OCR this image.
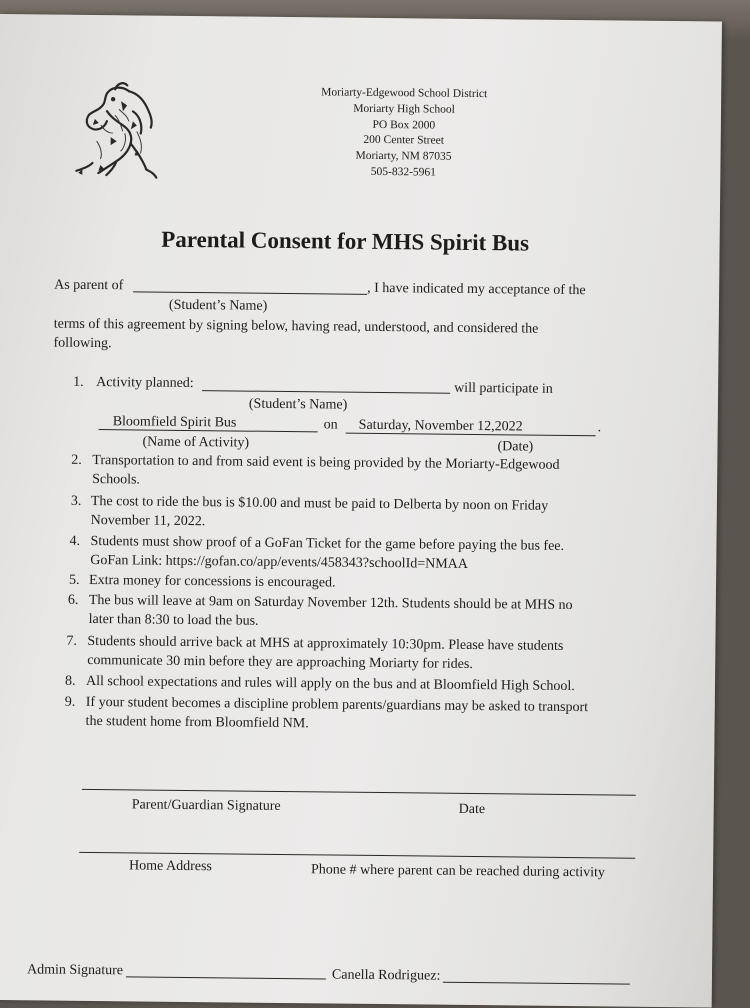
Moriarty-Edgewood School District
Moriarty High School
PO Box 2000
200 Center Street
Moriarty, NM 87035
505-832-5961
Parental Consent for MHS Spirit Bus
As parent of	, I have indicated my acceptance of the
(Student’s Name)
terms of this agreement by signing below, having read, understood, and considered the
following.
1. Activity planned:	will participate in
(Student’s Name)
Bloomfield Spirit Bus	on Saturday, November 12,2022	.
(Name of Activity)	(Date)
2. Transportation to and from said event is being provided by the Moriarty-Edgewood
Schools.
3. The cost to ride the bus is $10.00 and must be paid to Delberta by noon on Friday
November 11, 2022.
4. Students must show proof of a GoFan Ticket for the game before paying the bus fee.
GoFan Link: https://gofan.co/app/events/458343?schoolId=NMAA
5. Extra money for concessions is encouraged.
6. The bus will leave at 9am on Saturday November 12th. Students should be at MHS no
later than 8:30 to load the bus.
7. Students should arrive back at MHS at approximately 10:30pm. Please have students
communicate 30 min before they are approaching Moriarty for rides.
8. All school expectations and rules will apply on the bus and at Bloomfield High School.
9. If your student becomes a discipline problem parents/guardians may be asked to transport
the student home from Bloomfield NM.
Parent/Guardian Signature	Date
Home Address	Phone # where parent can be reached during activity
Admin Signature	Canella Rodriguez:
